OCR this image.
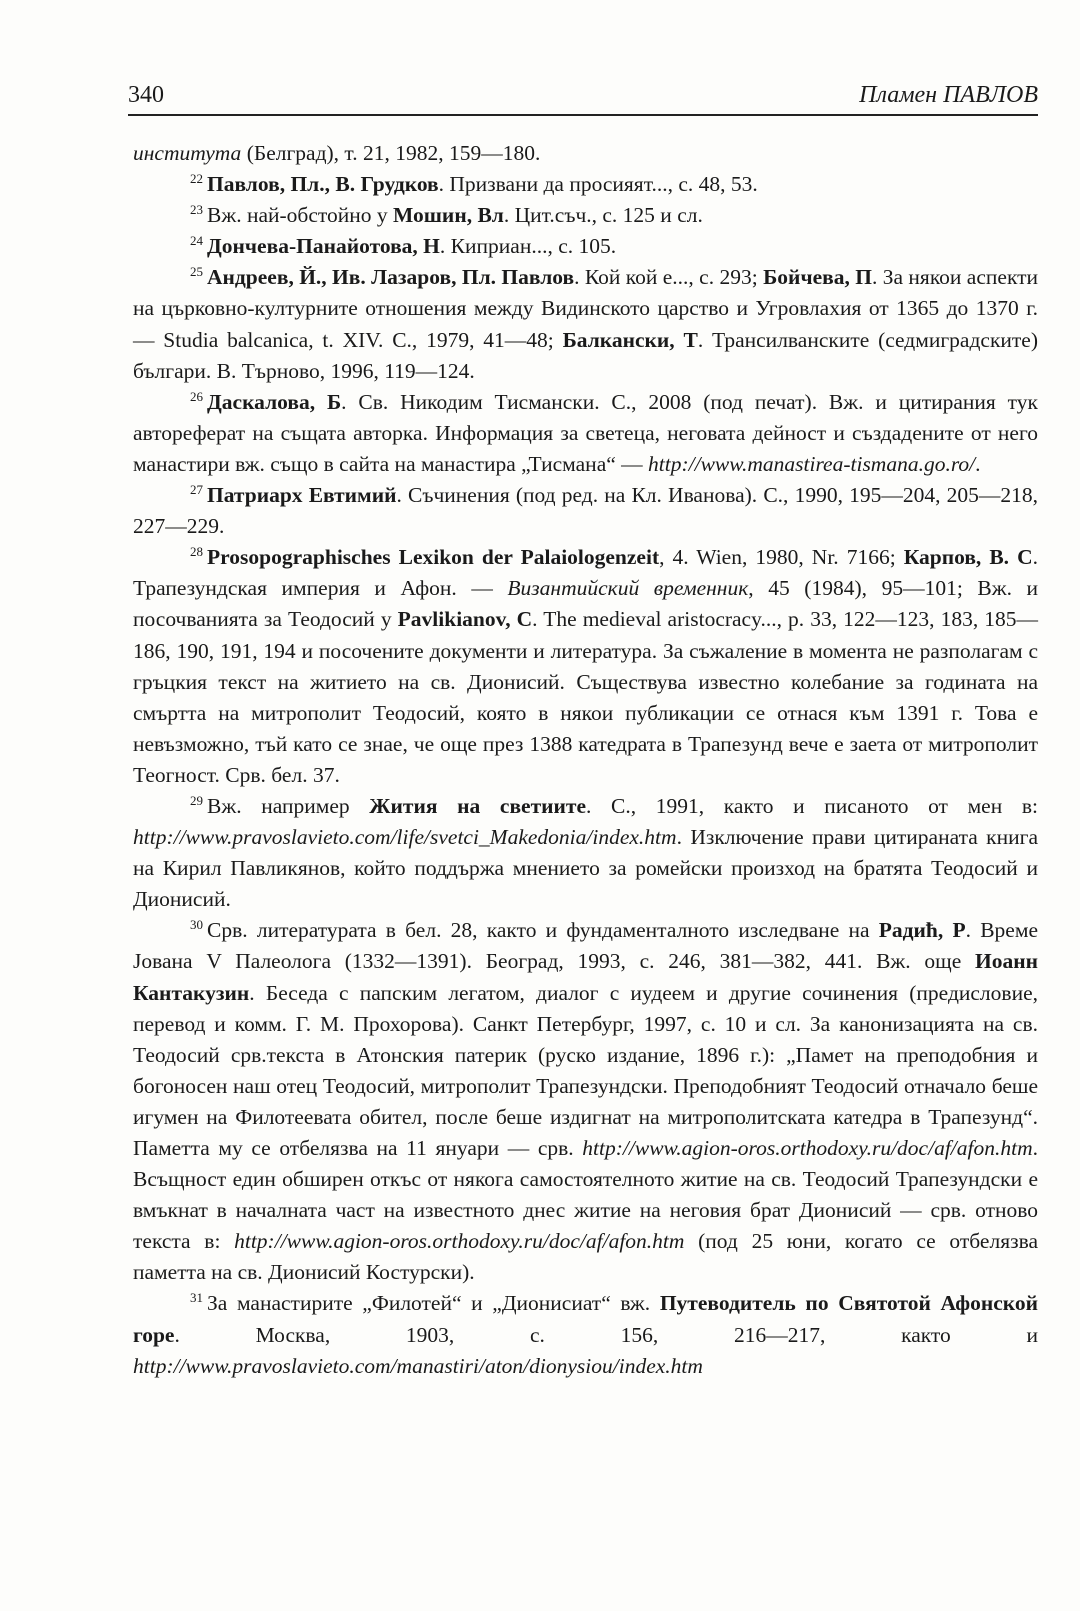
340	Пламен ПАВЛОВ

института (Белград), т. 21, 1982, 159—180.

$^{22}$ Павлов, Пл., В. Грудков. Призвани да просияят..., с. 48, 53.

$^{23}$ Вж. най-обстойно у Мошин, Вл. Цит.съч., с. 125 и сл.

$^{24}$ Дончева-Панайотова, Н. Киприан..., с. 105.

$^{25}$ Андреев, Й., Ив. Лазаров, Пл. Павлов. Кой кой е..., с. 293; Бойчева, П. За някои аспекти на църковно-културните отношения между Видинското царство и Угровлахия от 1365 до 1370 г. — Studia balcanica, t. XIV. С., 1979, 41—48; Балкански, Т. Трансилванските (седмиградските) българи. В. Търново, 1996, 119—124.

$^{26}$ Даскалова, Б. Св. Никодим Тисмански. С., 2008 (под печат). Вж. и цитирания тук автореферат на същата авторка. Информация за светеца, неговата дейност и създадените от него манастири вж. също в сайта на манастира „Тисмана“ — http://www.manastirea-tismana.go.ro/.

$^{27}$ Патриарх Евтимий. Съчинения (под ред. на Кл. Иванова). С., 1990, 195—204, 205—218, 227—229.

$^{28}$ Prosopographisches Lexikon der Palaiologenzeit, 4. Wien, 1980, Nr. 7166; Карпов, В. С. Трапезундская империя и Афон. — Византийский временник, 45 (1984), 95—101; Вж. и посочванията за Теодосий у Pavlikianov, C. The medieval aristocracy..., p. 33, 122—123, 183, 185—186, 190, 191, 194 и посочените документи и литература. За съжаление в момента не разполагам с гръцкия текст на житието на св. Дионисий. Съществува известно колебание за годината на смъртта на митрополит Теодосий, която в някои публикации се отнася към 1391 г. Това е невъзможно, тъй като се знае, че още през 1388 катедрата в Трапезунд вече е заета от митрополит Теогност. Срв. бел. 37.

$^{29}$ Вж. например Жития на светиите. С., 1991, както и писаното от мен в: http://www.pravoslavieto.com/life/svetci_Makedonia/index.htm. Изключение прави цитираната книга на Кирил Павликянов, който поддържа мнението за ромейски произход на братята Теодосий и Дионисий.

$^{30}$ Срв. литературата в бел. 28, както и фундаменталното изследване на Радић, Р. Време Јована V Палеолога (1332—1391). Београд, 1993, с. 246, 381—382, 441. Вж. още Иоанн Кантакузин. Беседа с папским легатом, диалог с иудеем и другие сочинения (предисловие, перевод и комм. Г. М. Прохорова). Санкт Петербург, 1997, с. 10 и сл. За канонизацията на св. Теодосий срв.текста в Атонския патерик (руско издание, 1896 г.): „Памет на преподобния и богоносен наш отец Теодосий, митрополит Трапезундски. Преподобният Теодосий отначало беше игумен на Филотеевата обител, после беше издигнат на митрополитската катедра в Трапезунд“. Паметта му се отбелязва на 11 януари — срв. http://www.agion-oros.orthodoxy.ru/doc/af/afon.htm. Всъщност един обширен откъс от някога самостоятелното житие на св. Теодосий Трапезундски е вмъкнат в началната част на известното днес житие на неговия брат Дионисий — срв. отново текста в: http://www.agion-oros.orthodoxy.ru/doc/af/afon.htm (под 25 юни, когато се отбелязва паметта на св. Дионисий Костурски).

$^{31}$ За манастирите „Филотей“ и „Дионисиат“ вж. Путеводитель по Святотой Афонской горе. Москва, 1903, с. 156, 216—217, както и http://www.pravoslavieto.com/manastiri/aton/dionysiou/index.htm
